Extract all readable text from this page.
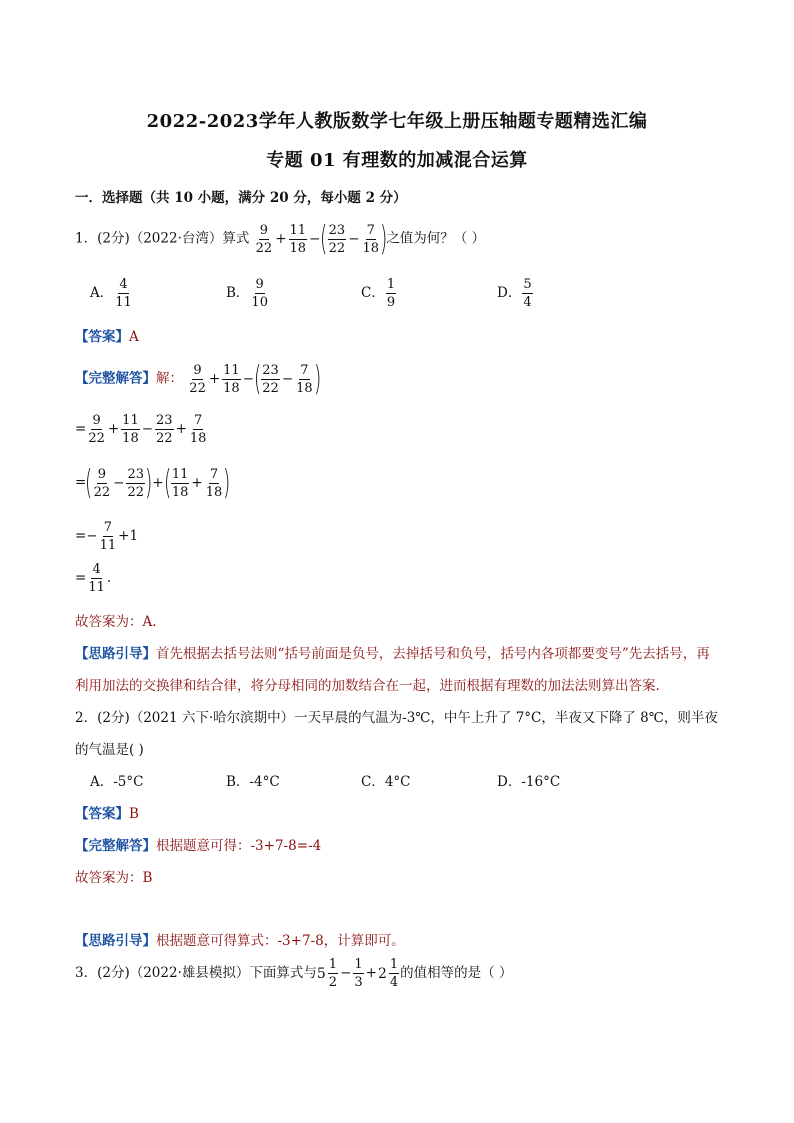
2022-2023学年人教版数学七年级上册压轴题专题精选汇编
专题 01 有理数的加减混合运算
一．选择题（共 10 小题，满分 20 分，每小题 2 分）
1．(2分)（2022·台湾）算式 $\frac{9}{22} + \frac{11}{18}$ −( $\frac{23}{22} - \frac{7}{18}$ )之值为何？（ ）
A． $\frac{4}{11}$	B． $\frac{9}{10}$	C． $\frac{1}{9}$	D． $\frac{5}{4}$
【答案】A
【完整解答】解： $\frac{9}{22} + \frac{11}{18}$ −( $\frac{23}{22} - \frac{7}{18}$ )
= $\frac{9}{22} + \frac{11}{18} - \frac{23}{22} + \frac{7}{18}$
=( $\frac{9}{22} - \frac{23}{22}$ )+( $\frac{11}{18} + \frac{7}{18}$ )
=− $\frac{7}{11} +1$
= $\frac{4}{11}$ .
故答案为：A.
【思路引导】首先根据去括号法则“括号前面是负号，去掉括号和负号，括号内各项都要变号”先去括号，再
利用加法的交换律和结合律，将分母相同的加数结合在一起，进而根据有理数的加法法则算出答案.
2．(2分)（2021 六下·哈尔滨期中）一天早晨的气温为-3℃，中午上升了 7°C，半夜又下降了 8℃，则半夜
的气温是( )
A．-5°C	B．-4°C	C．4°C	D．-16°C
【答案】B
【完整解答】根据题意可得：-3+7-8=-4
故答案为：B
【思路引导】根据题意可得算式：-3+7-8，计算即可。
3．(2分)（2022·雄县模拟）下面算式与 $5 \frac{1}{2} - \frac{1}{3} + 2 \frac{1}{4}$ 的值相等的是（ ）
